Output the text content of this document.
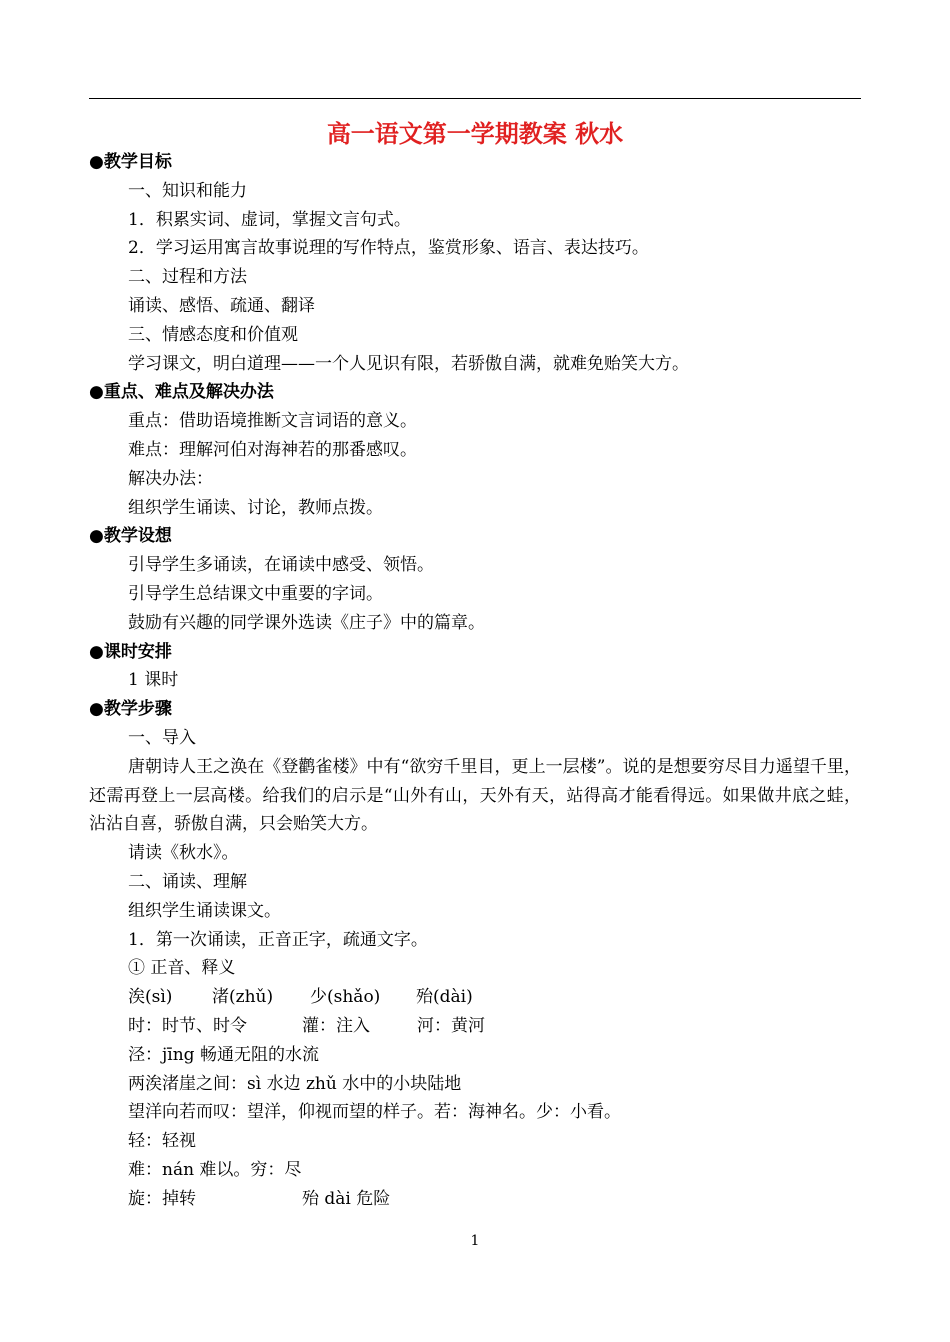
高一语文第一学期教案 秋水
●教学目标
一、知识和能力
1．积累实词、虚词，掌握文言句式。
2．学习运用寓言故事说理的写作特点，鉴赏形象、语言、表达技巧。
二、过程和方法
诵读、感悟、疏通、翻译
三、情感态度和价值观
学习课文，明白道理——一个人见识有限，若骄傲自满，就难免贻笑大方。
●重点、难点及解决办法
重点：借助语境推断文言词语的意义。
难点：理解河伯对海神若的那番感叹。
解决办法：
组织学生诵读、讨论，教师点拨。
●教学设想
引导学生多诵读，在诵读中感受、领悟。
引导学生总结课文中重要的字词。
鼓励有兴趣的同学课外选读《庄子》中的篇章。
●课时安排
1 课时
●教学步骤
一、导入
唐朝诗人王之涣在《登鹳雀楼》中有“欲穷千里目，更上一层楼”。说的是想要穷尽目力遥望千里，还需再登上一层高楼。给我们的启示是“山外有山，天外有天，站得高才能看得远。如果做井底之蛙，沾沾自喜，骄傲自满，只会贻笑大方。
请读《秋水》。
二、诵读、理解
组织学生诵读课文。
1．第一次诵读，正音正字，疏通文字。
① 正音、释义
涘(sì) 渚(zhǔ) 少(shǎo) 殆(dài)
时：时节、时令	灌：注入	河：黄河
泾：jīng 畅通无阻的水流
两涘渚崖之间：sì 水边 zhǔ 水中的小块陆地
望洋向若而叹：望洋，仰视而望的样子。若：海神名。少：小看。
轻：轻视
难：nán 难以。穷：尽
旋：掉转	殆 dài 危险
1
